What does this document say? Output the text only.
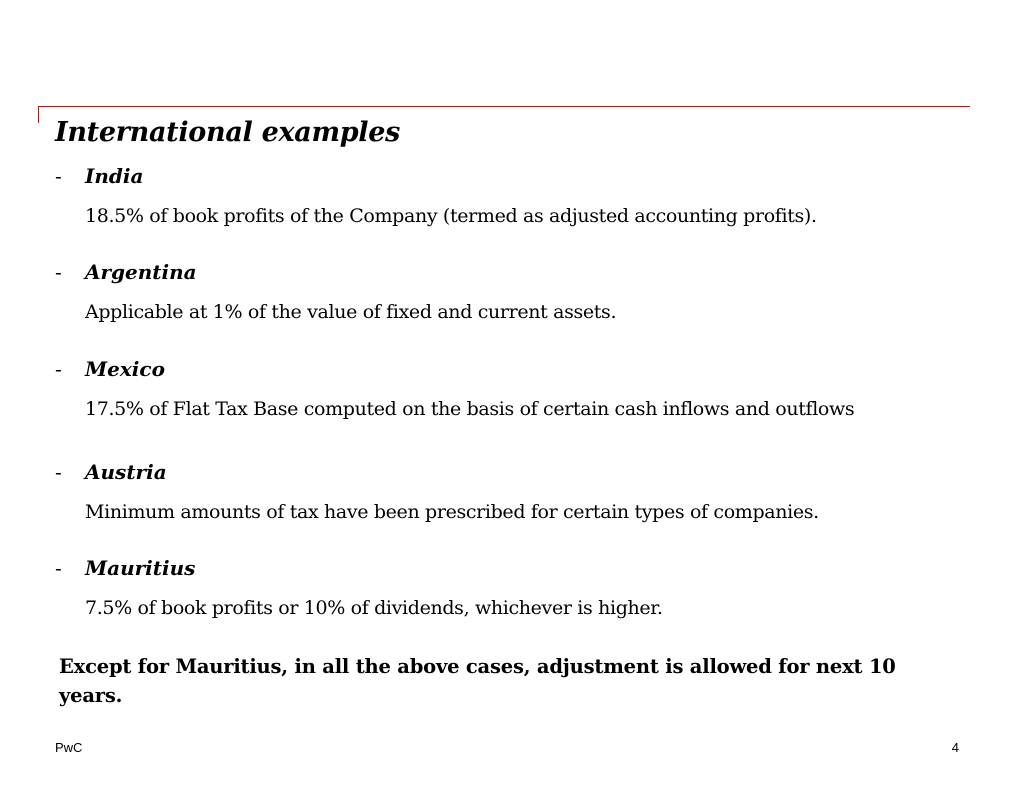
International examples
- India
18.5% of book profits of the Company (termed as adjusted accounting profits).
- Argentina
Applicable at 1% of the value of fixed and current assets.
- Mexico
17.5% of Flat Tax Base computed on the basis of certain cash inflows and outflows
- Austria
Minimum amounts of tax have been prescribed for certain types of companies.
- Mauritius
7.5% of book profits or 10% of dividends, whichever is higher.
Except for Mauritius, in all the above cases, adjustment is allowed for next 10 years.
PwC	4
